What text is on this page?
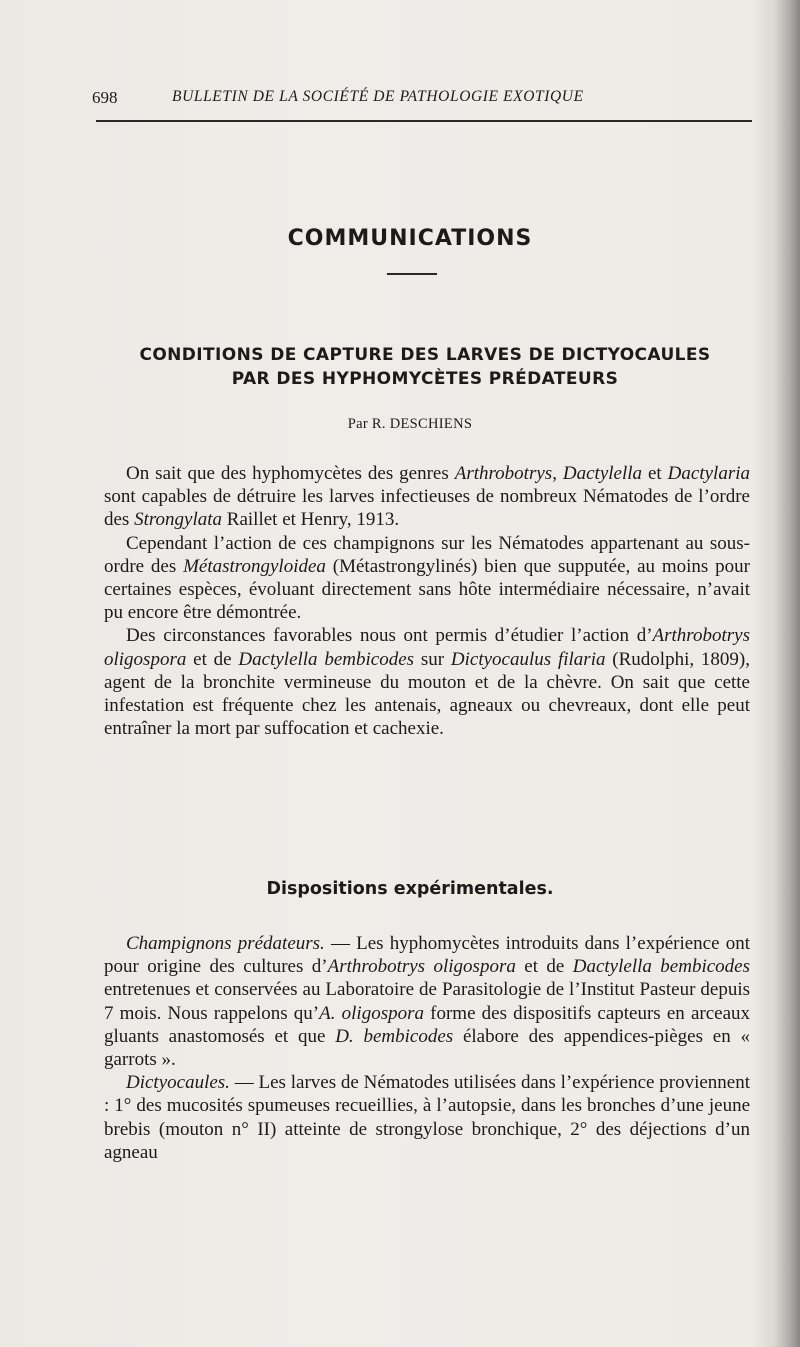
698	BULLETIN DE LA SOCIÉTÉ DE PATHOLOGIE EXOTIQUE
COMMUNICATIONS
CONDITIONS DE CAPTURE DES LARVES DE DICTYOCAULES
PAR DES HYPHOMYCÈTES PRÉDATEURS
Par R. DESCHIENS

On sait que des hyphomycètes des genres Arthrobotrys, Dactylella et Dactylaria sont capables de détruire les larves infectieuses de nombreux Nématodes de l’ordre des Strongylata Raillet et Henry, 1913.

Cependant l’action de ces champignons sur les Nématodes appartenant au sous-ordre des Métastrongyloidea (Métastrongylinés) bien que supputée, au moins pour certaines espèces, évoluant directement sans hôte intermédiaire nécessaire, n’avait pu encore être démontrée.

Des circonstances favorables nous ont permis d’étudier l’action d’Arthrobotrys oligospora et de Dactylella bembicodes sur Dictyocaulus filaria (Rudolphi, 1809), agent de la bronchite vermineuse du mouton et de la chèvre. On sait que cette infestation est fréquente chez les antenais, agneaux ou chevreaux, dont elle peut entraîner la mort par suffocation et cachexie.

Dispositions expérimentales.

Champignons prédateurs. — Les hyphomycètes introduits dans l’expérience ont pour origine des cultures d’Arthrobotrys oligospora et de Dactylella bembicodes entretenues et conservées au Laboratoire de Parasitologie de l’Institut Pasteur depuis 7 mois. Nous rappelons qu’A. oligospora forme des dispositifs capteurs en arceaux gluants anastomosés et que D. bembicodes élabore des appendices-pièges en « garrots ».

Dictyocaules. — Les larves de Nématodes utilisées dans l’expérience proviennent : 1° des mucosités spumeuses recueillies, à l’autopsie, dans les bronches d’une jeune brebis (mouton n° II) atteinte de strongylose bronchique, 2° des déjections d’un agneau
